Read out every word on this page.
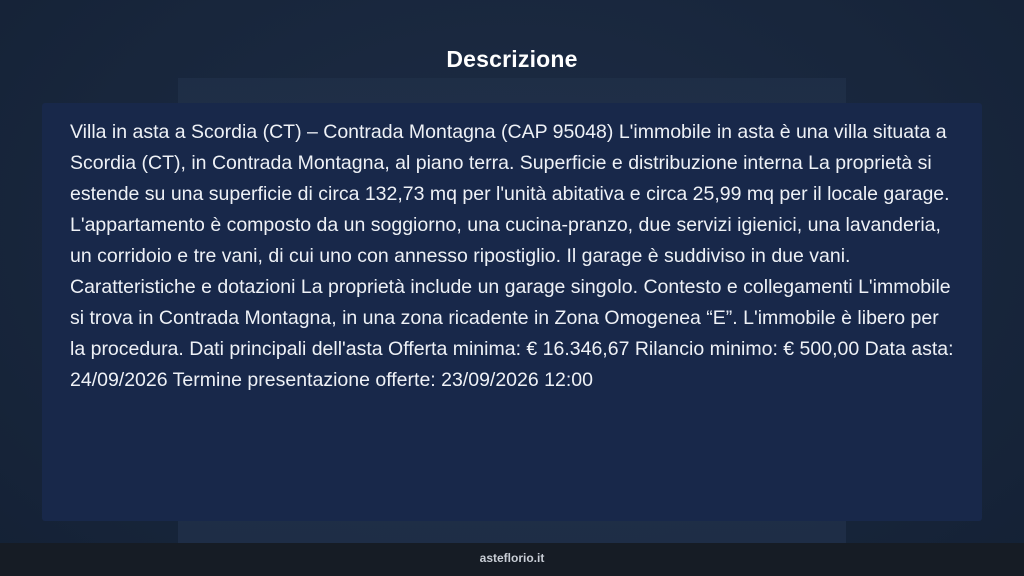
Descrizione

Villa in asta a Scordia (CT) – Contrada Montagna (CAP 95048) L'immobile in asta è una villa situata a Scordia (CT), in Contrada Montagna, al piano terra. Superficie e distribuzione interna La proprietà si estende su una superficie di circa 132,73 mq per l'unità abitativa e circa 25,99 mq per il locale garage. L'appartamento è composto da un soggiorno, una cucina-pranzo, due servizi igienici, una lavanderia, un corridoio e tre vani, di cui uno con annesso ripostiglio. Il garage è suddiviso in due vani. Caratteristiche e dotazioni La proprietà include un garage singolo. Contesto e collegamenti L'immobile si trova in Contrada Montagna, in una zona ricadente in Zona Omogenea “E”. L'immobile è libero per la procedura. Dati principali dell'asta Offerta minima: € 16.346,67 Rilancio minimo: € 500,00 Data asta: 24/09/2026 Termine presentazione offerte: 23/09/2026 12:00

asteflorio.it
